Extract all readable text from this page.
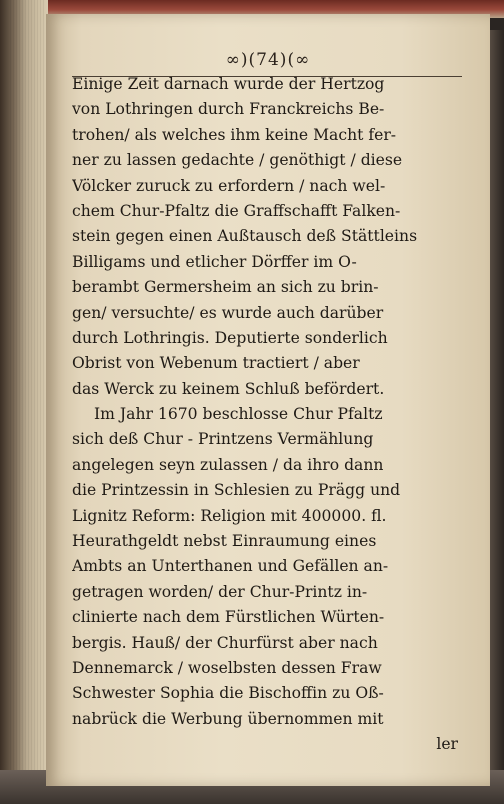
∞)(74)(∞
Einige Zeit darnach wurde der Hertzog
von Lothringen durch Franckreichs Be-
trohen/ als welches ihm keine Macht fer-
ner zu lassen gedachte / genöthigt / diese
Völcker zuruck zu erfordern / nach wel-
chem Chur-Pfaltz die Graffschafft Falken-
stein gegen einen Außtausch deß Stättleins
Billigams und etlicher Dörffer im O-
berambt Germersheim an sich zu brin-
gen/ versuchte/ es wurde auch darüber
durch Lothringis. Deputierte sonderlich
Obrist von Webenum tractiert / aber
das Werck zu keinem Schluß befördert.
Im Jahr 1670 beschlosse Chur Pfaltz
sich deß Chur - Printzens Vermählung
angelegen seyn zulassen / da ihro dann
die Printzessin in Schlesien zu Prägg und
Lignitz Reform: Religion mit 400000. fl.
Heurathgeldt nebst Einraumung eines
Ambts an Unterthanen und Gefällen an-
getragen worden/ der Chur-Printz in-
clinierte nach dem Fürstlichen Würten-
bergis. Hauß/ der Churfürst aber nach
Dennemarck / woselbsten dessen Fraw
Schwester Sophia die Bischoffin zu Oß-
nabrück die Werbung übernommen mit
ler
